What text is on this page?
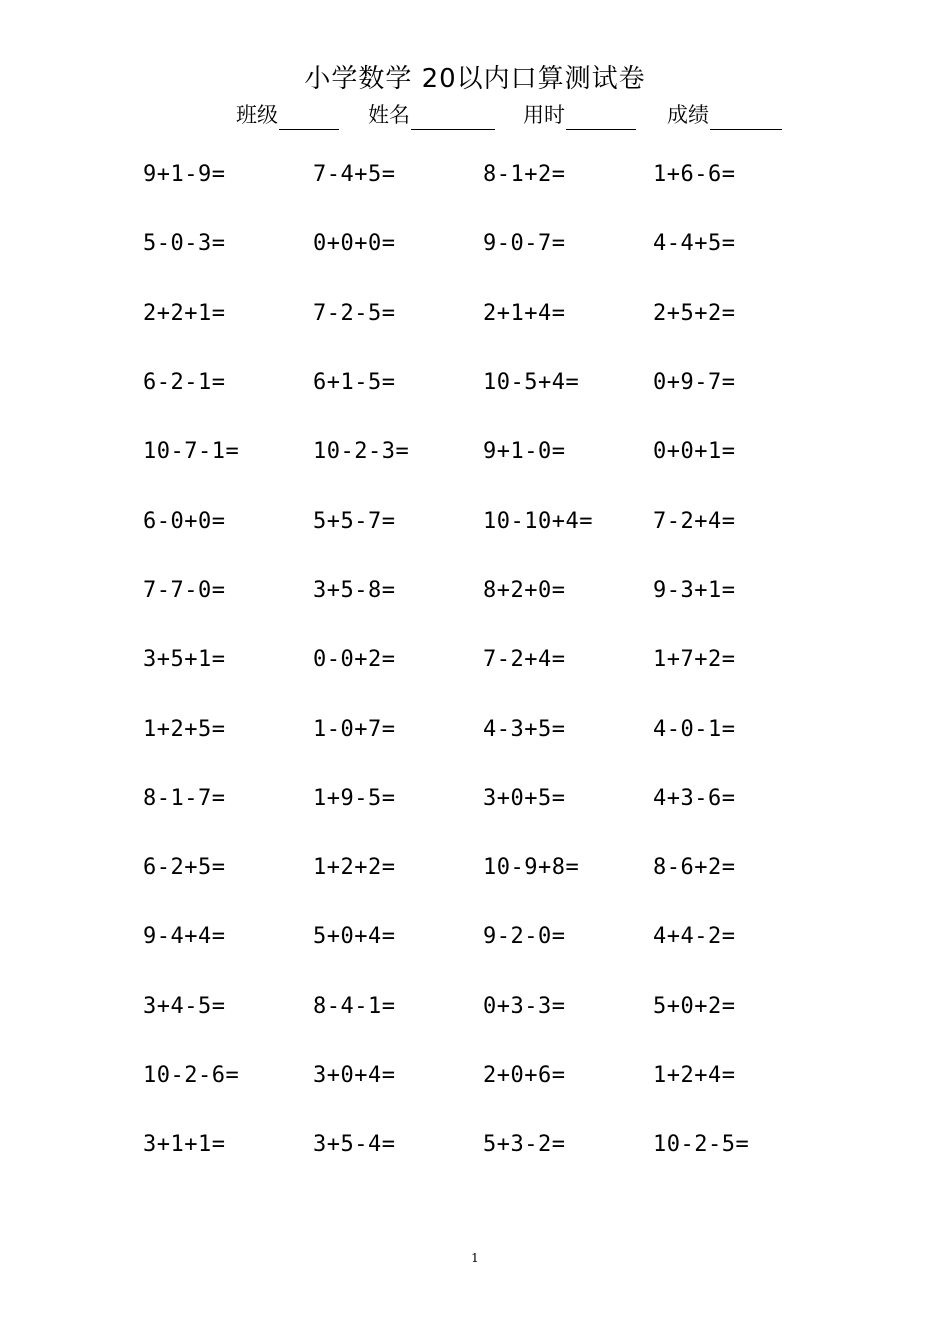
小学数学 20以内口算测试卷
班级	姓名	用时	成绩
9+1-9=	7-4+5=	8-1+2=	1+6-6=
5-0-3=	0+0+0=	9-0-7=	4-4+5=
2+2+1=	7-2-5=	2+1+4=	2+5+2=
6-2-1=	6+1-5=	10-5+4=	0+9-7=
10-7-1=	10-2-3=	9+1-0=	0+0+1=
6-0+0=	5+5-7=	10-10+4=	7-2+4=
7-7-0=	3+5-8=	8+2+0=	9-3+1=
3+5+1=	0-0+2=	7-2+4=	1+7+2=
1+2+5=	1-0+7=	4-3+5=	4-0-1=
8-1-7=	1+9-5=	3+0+5=	4+3-6=
6-2+5=	1+2+2=	10-9+8=	8-6+2=
9-4+4=	5+0+4=	9-2-0=	4+4-2=
3+4-5=	8-4-1=	0+3-3=	5+0+2=
10-2-6=	3+0+4=	2+0+6=	1+2+4=
3+1+1=	3+5-4=	5+3-2=	10-2-5=
1
